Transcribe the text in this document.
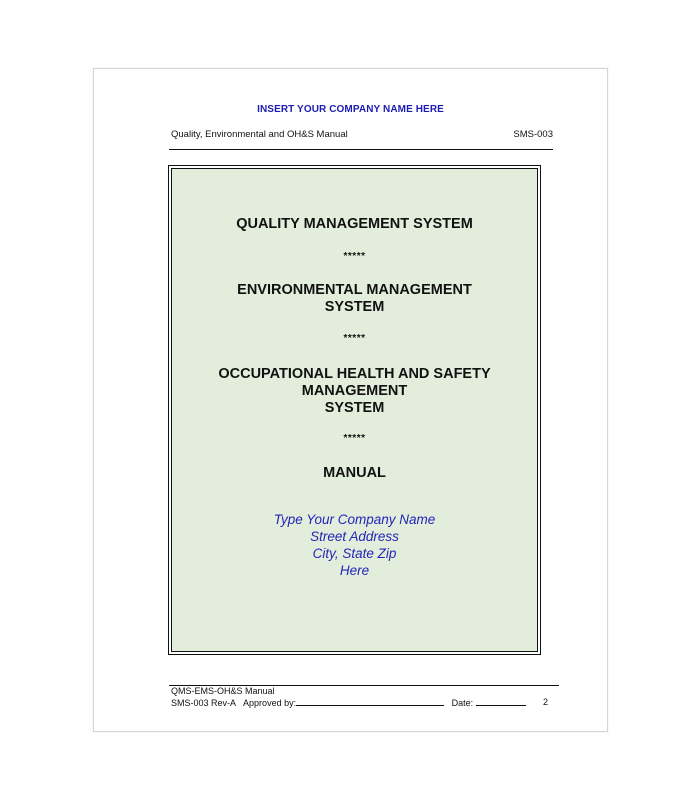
INSERT YOUR COMPANY NAME HERE
Quality, Environmental and OH&S Manual	SMS-003

QUALITY MANAGEMENT SYSTEM

*****

ENVIRONMENTAL MANAGEMENT

SYSTEM

*****

OCCUPATIONAL HEALTH AND SAFETY

MANAGEMENT

SYSTEM

*****

MANUAL

Type Your Company Name
Street Address
City, State Zip
Here
QMS-EMS-OH&S Manual
SMS-003 Rev-A Approved by:	Date:	2
